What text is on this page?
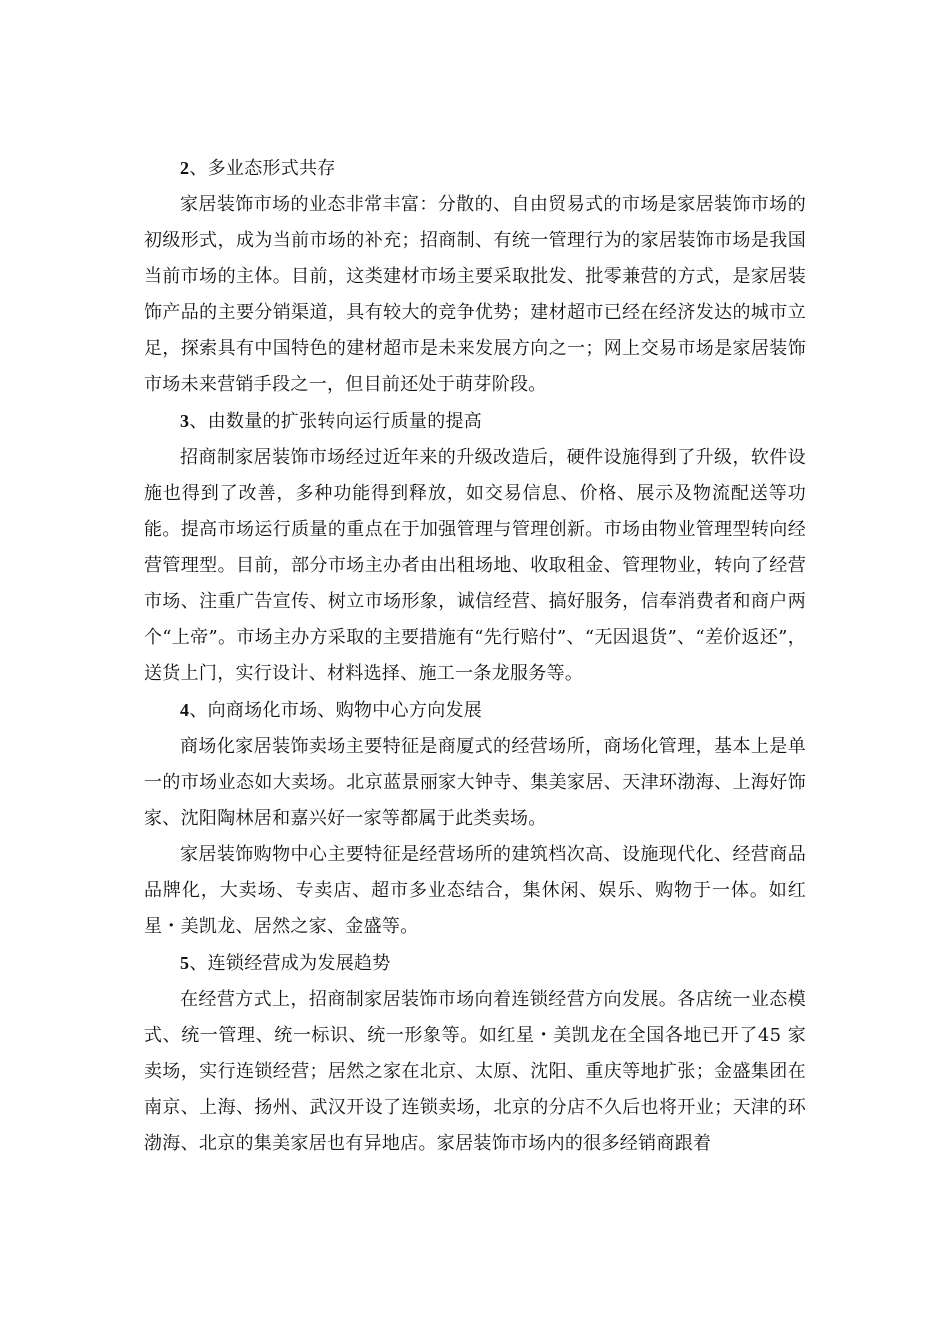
2、多业态形式共存

家居装饰市场的业态非常丰富：分散的、自由贸易式的市场是家居装饰市场的初级形式，成为当前市场的补充；招商制、有统一管理行为的家居装饰市场是我国当前市场的主体。目前，这类建材市场主要采取批发、批零兼营的方式，是家居装饰产品的主要分销渠道，具有较大的竞争优势；建材超市已经在经济发达的城市立足，探索具有中国特色的建材超市是未来发展方向之一；网上交易市场是家居装饰市场未来营销手段之一，但目前还处于萌芽阶段。

3、由数量的扩张转向运行质量的提高

招商制家居装饰市场经过近年来的升级改造后，硬件设施得到了升级，软件设施也得到了改善，多种功能得到释放，如交易信息、价格、展示及物流配送等功能。提高市场运行质量的重点在于加强管理与管理创新。市场由物业管理型转向经营管理型。目前，部分市场主办者由出租场地、收取租金、管理物业，转向了经营市场、注重广告宣传、树立市场形象，诚信经营、搞好服务，信奉消费者和商户两个“上帝”。市场主办方采取的主要措施有“先行赔付”、“无因退货”、“差价返还”，送货上门，实行设计、材料选择、施工一条龙服务等。

4、向商场化市场、购物中心方向发展

商场化家居装饰卖场主要特征是商厦式的经营场所，商场化管理，基本上是单一的市场业态如大卖场。北京蓝景丽家大钟寺、集美家居、天津环渤海、上海好饰家、沈阳陶林居和嘉兴好一家等都属于此类卖场。

家居装饰购物中心主要特征是经营场所的建筑档次高、设施现代化、经营商品品牌化，大卖场、专卖店、超市多业态结合，集休闲、娱乐、购物于一体。如红星・美凯龙、居然之家、金盛等。

5、连锁经营成为发展趋势

在经营方式上，招商制家居装饰市场向着连锁经营方向发展。各店统一业态模式、统一管理、统一标识、统一形象等。如红星・美凯龙在全国各地已开了45 家卖场，实行连锁经营；居然之家在北京、太原、沈阳、重庆等地扩张；金盛集团在南京、上海、扬州、武汉开设了连锁卖场，北京的分店不久后也将开业；天津的环渤海、北京的集美家居也有异地店。家居装饰市场内的很多经销商跟着
